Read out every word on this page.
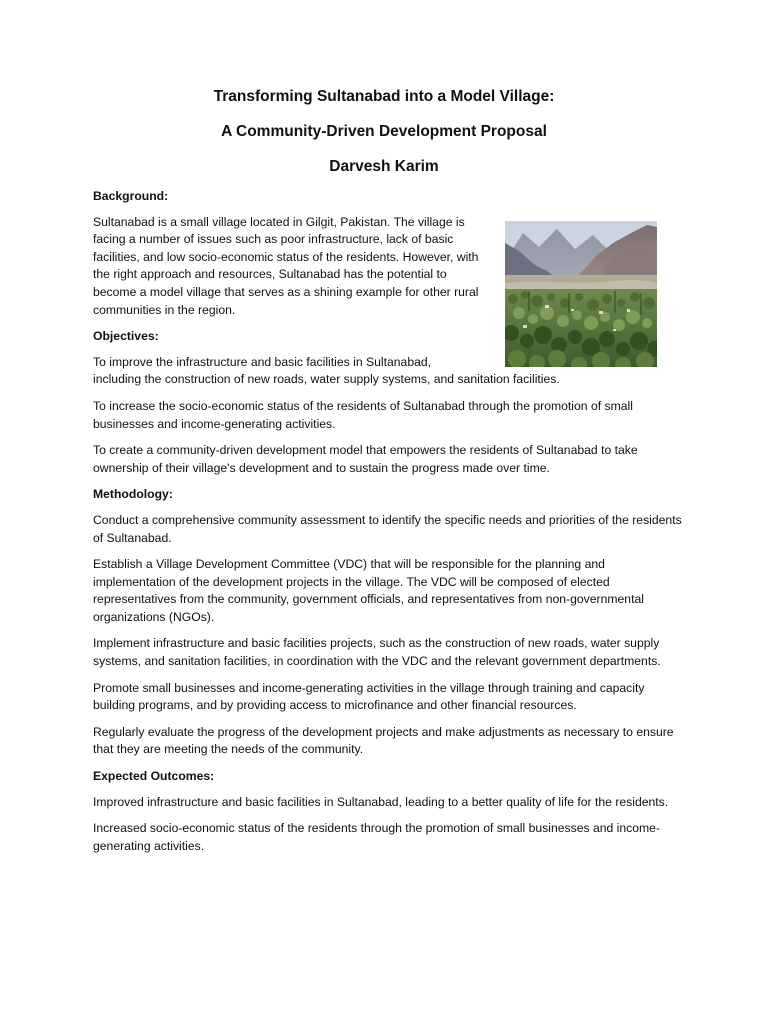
Transforming Sultanabad into a Model Village:
A Community-Driven Development Proposal
Darvesh Karim

Background:

Sultanabad is a small village located in Gilgit, Pakistan. The village is facing a number of issues such as poor infrastructure, lack of basic facilities, and low socio-economic status of the residents. However, with the right approach and resources, Sultanabad has the potential to become a model village that serves as a shining example for other rural communities in the region.

Objectives:

To improve the infrastructure and basic facilities in Sultanabad,
including the construction of new roads, water supply systems, and sanitation facilities.

To increase the socio-economic status of the residents of Sultanabad through the promotion of small businesses and income-generating activities.

To create a community-driven development model that empowers the residents of Sultanabad to take ownership of their village's development and to sustain the progress made over time.

Methodology:

Conduct a comprehensive community assessment to identify the specific needs and priorities of the residents of Sultanabad.

Establish a Village Development Committee (VDC) that will be responsible for the planning and implementation of the development projects in the village. The VDC will be composed of elected representatives from the community, government officials, and representatives from non-governmental organizations (NGOs).

Implement infrastructure and basic facilities projects, such as the construction of new roads, water supply systems, and sanitation facilities, in coordination with the VDC and the relevant government departments.

Promote small businesses and income-generating activities in the village through training and capacity building programs, and by providing access to microfinance and other financial resources.

Regularly evaluate the progress of the development projects and make adjustments as necessary to ensure that they are meeting the needs of the community.

Expected Outcomes:

Improved infrastructure and basic facilities in Sultanabad, leading to a better quality of life for the residents.

Increased socio-economic status of the residents through the promotion of small businesses and income-generating activities.
